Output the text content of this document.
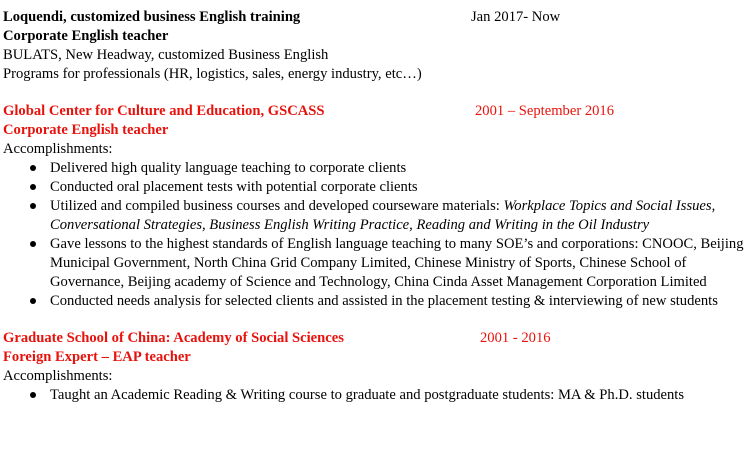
Loquendi, customized business English training	Jan 2017- Now
Corporate English teacher
BULATS, New Headway, customized Business English
Programs for professionals (HR, logistics, sales, energy industry, etc…)
Global Center for Culture and Education, GSCASS	2001 – September 2016
Corporate English teacher
Accomplishments:
Delivered high quality language teaching to corporate clients
Conducted oral placement tests with potential corporate clients
Utilized and compiled business courses and developed courseware materials: Workplace Topics and Social Issues, Conversational Strategies, Business English Writing Practice, Reading and Writing in the Oil Industry
Gave lessons to the highest standards of English language teaching to many SOE’s and corporations: CNOOC, Beijing Municipal Government, North China Grid Company Limited, Chinese Ministry of Sports, Chinese School of Governance, Beijing academy of Science and Technology, China Cinda Asset Management Corporation Limited
Conducted needs analysis for selected clients and assisted in the placement testing & interviewing of new students
Graduate School of China: Academy of Social Sciences	2001 - 2016
Foreign Expert – EAP teacher
Accomplishments:
Taught an Academic Reading & Writing course to graduate and postgraduate students: MA & Ph.D. students
